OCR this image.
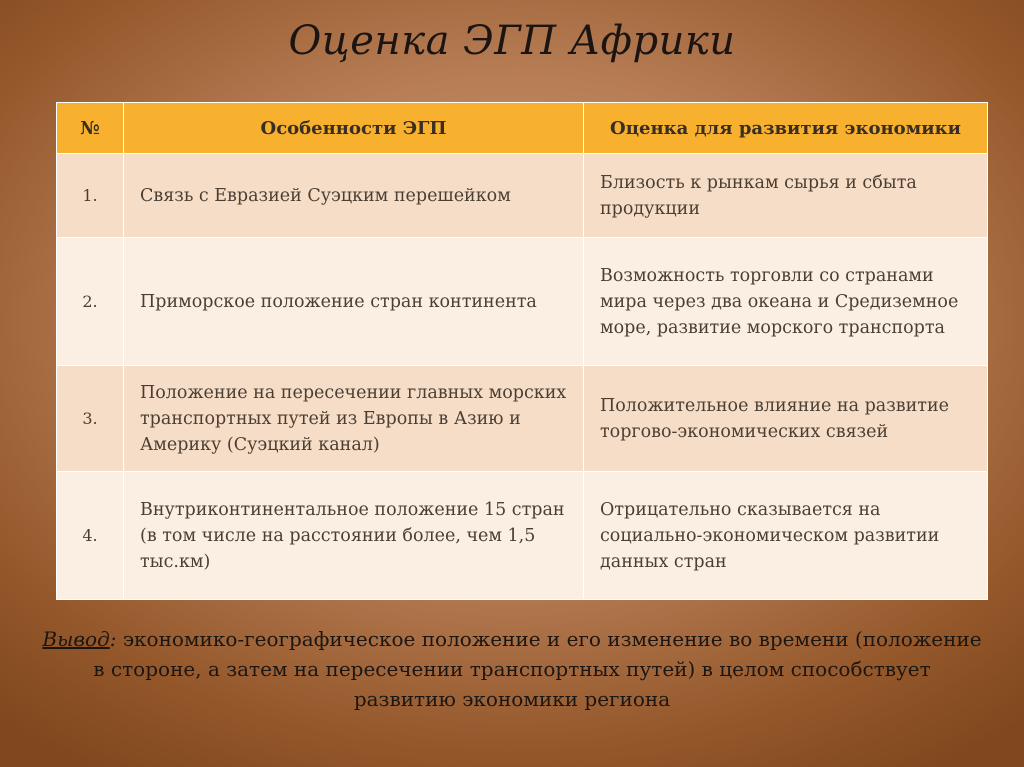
Оценка ЭГП Африки
№	Особенности ЭГП	Оценка для развития экономики
1.	Связь с Евразией Суэцким перешейком	Близость к рынкам сырья и сбыта продукции
2.	Приморское положение стран континента	Возможность торговли со странами мира через два океана и Средиземное море, развитие морского транспорта
3.	Положение на пересечении главных морских транспортных путей из Европы в Азию и Америку (Суэцкий канал)	Положительное влияние на развитие торгово-экономических связей
4.	Внутриконтинентальное положение 15 стран (в том числе на расстоянии более, чем 1,5 тыс.км)	Отрицательно сказывается на социально-экономическом развитии данных стран
Вывод: экономико-географическое положение и его изменение во времени (положение в стороне, а затем на пересечении транспортных путей) в целом способствует развитию экономики региона
